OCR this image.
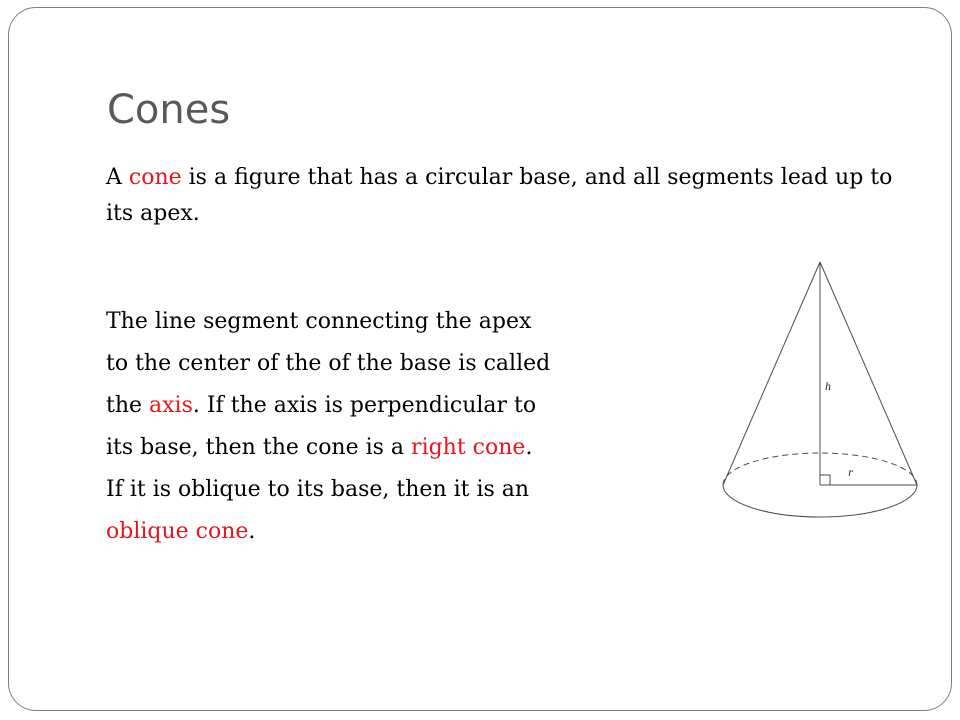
Cones

A cone is a figure that has a circular base, and all segments lead up to its apex.

The line segment connecting the apex
to the center of the of the base is called
the axis. If the axis is perpendicular to
its base, then the cone is a right cone.
If it is oblique to its base, then it is an
oblique cone.

h
r
